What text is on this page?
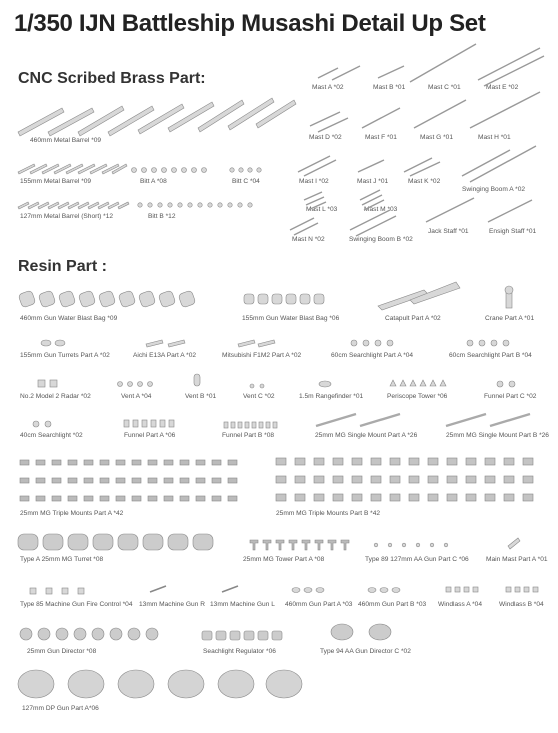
1/350 IJN Battleship Musashi Detail Up Set
CNC Scribed Brass Part:
Resin Part :
Mast A *02	Mast B *01	Mast C *01	Mast E *02
460mm Metal Barrel *09	Mast D *02	Mast F *01	Mast G *01	Mast H *01
155mm Metal Barrel *09	Bitt A *08	Bitt C *04	Mast I *02	Mast J *01	Mast K *02
Swinging Boom A *02
127mm Metal Barrel (Short) *12	Bitt B *12
Mast L *03	Mast M *03
Jack Staff *01	Ensigh Staff *01
Mast N *02	Swinging Boom B *02
460mm Gun Water Blast Bag *09	155mm Gun Water Blast Bag *06	Catapult Part A *02	Crane Part A *01
155mm Gun Turrets Part A *02	Aichi E13A Part A *02	Mitsubishi F1M2 Part A *02	60cm Searchlight Part A *04	60cm Searchlight Part B *04
No.2 Model 2 Radar *02	Vent A *04	Vent B *01	Vent C *02	1.5m Rangefinder *01	Periscope Tower *06	Funnel Part C *02
40cm Searchlight *02	Funnel Part A *06	Funnel Part B *08	25mm MG Single Mount Part A *26	25mm MG Single Mount Part B *26
25mm MG Triple Mounts Part A *42	25mm MG Triple Mounts Part B *42
Type A 25mm MG Turret *08	25mm MG Tower Part A *08	Type 89 127mm AA Gun Part C *06	Main Mast Part A *01
Type 85 Machine Gun Fire Control *04 13mm Machine Gun R 13mm Machine Gun L 460mm Gun Part A *03 460mm Gun Part B *03 Windlass A *04	Windlass B *04
25mm Gun Director *08	Seachlight Regulator *06	Type 94 AA Gun Director C *02
127mm DP Gun Part A*06
